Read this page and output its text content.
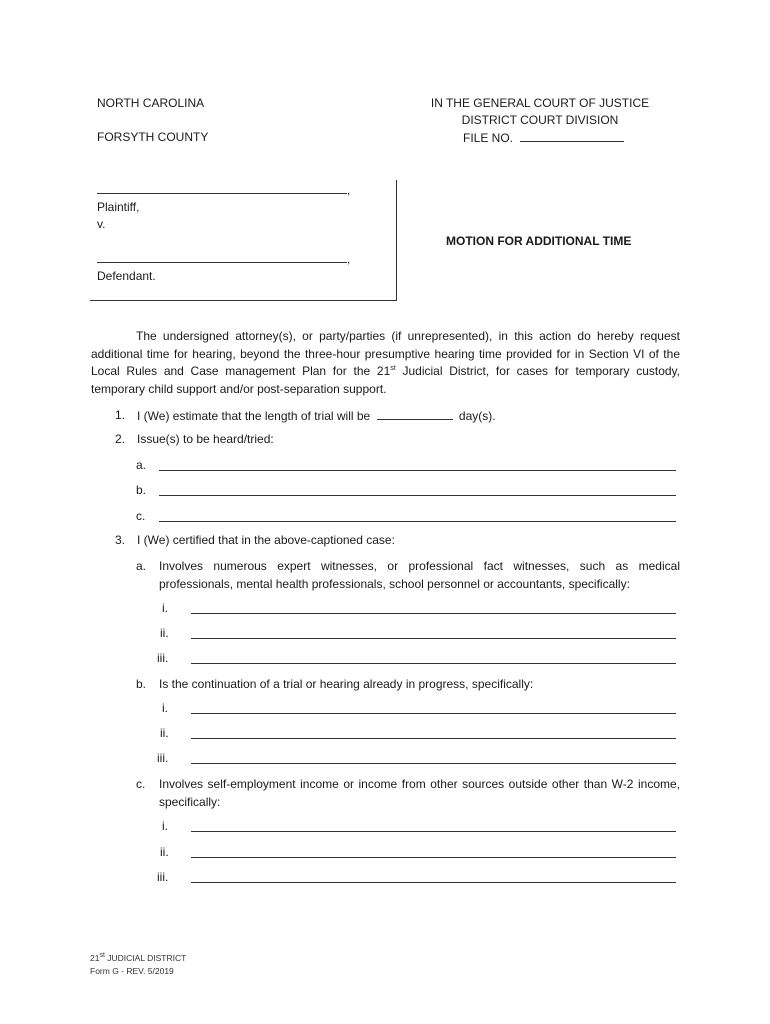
NORTH CAROLINA
FORSYTH COUNTY
IN THE GENERAL COURT OF JUSTICE
DISTRICT COURT DIVISION
FILE NO.
,
Plaintiff,
v.
,
Defendant.
MOTION FOR ADDITIONAL TIME
The undersigned attorney(s), or party/parties (if unrepresented), in this action do hereby request additional time for hearing, beyond the three-hour presumptive hearing time provided for in Section VI of the Local Rules and Case management Plan for the 21st Judicial District, for cases for temporary custody, temporary child support and/or post-separation support.
1. I (We) estimate that the length of trial will be	day(s).
2. Issue(s) to be heard/tried:
a.
b.
c.
3. I (We) certified that in the above-captioned case:
a. Involves numerous expert witnesses, or professional fact witnesses, such as medical professionals, mental health professionals, school personnel or accountants, specifically:
i.
ii.
iii.
b. Is the continuation of a trial or hearing already in progress, specifically:
i.
ii.
iii.
c. Involves self-employment income or income from other sources outside other than W-2 income, specifically:
i.
ii.
iii.
21st JUDICIAL DISTRICT
Form G - REV. 5/2019
